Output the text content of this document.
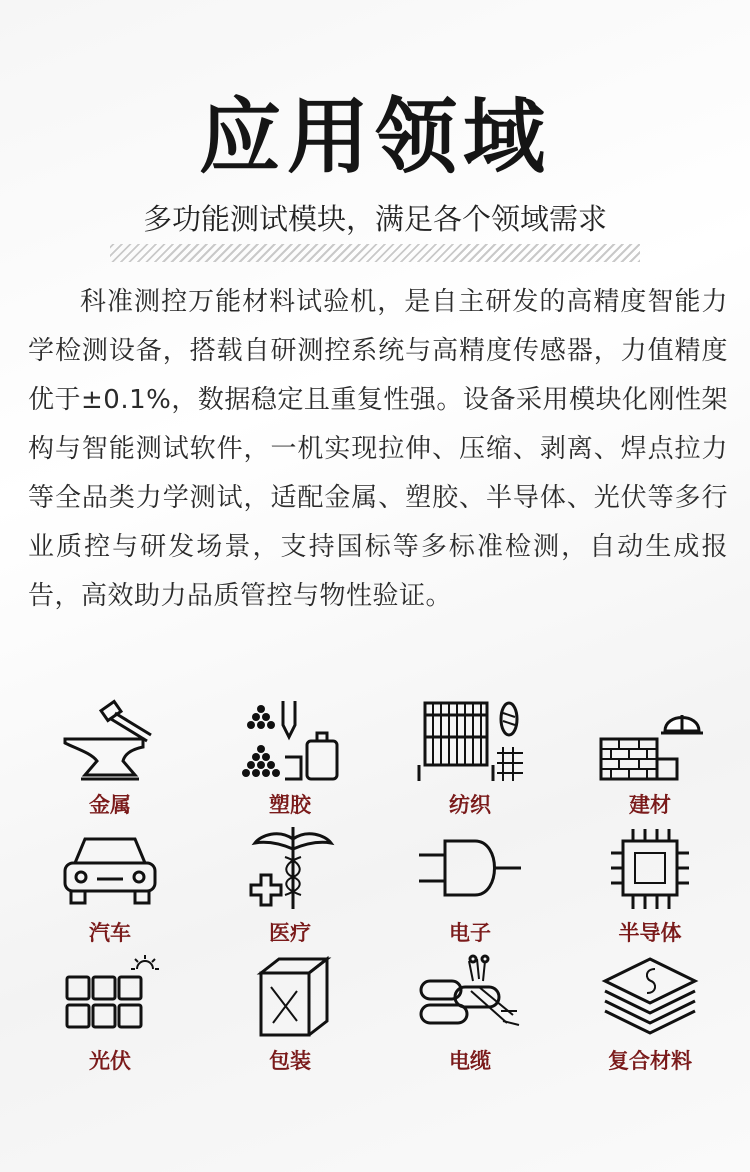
应用领域
多功能测试模块，满足各个领域需求
科准测控万能材料试验机，是自主研发的高精度智能力学检测设备，搭载自研测控系统与高精度传感器，力值精度优于±0.1%，数据稳定且重复性强。设备采用模块化刚性架构与智能测试软件，一机实现拉伸、压缩、剥离、焊点拉力等全品类力学测试，适配金属、塑胶、半导体、光伏等多行业质控与研发场景，支持国标等多标准检测，自动生成报告，高效助力品质管控与物性验证。
金属	塑胶	纺织	建材
汽车	医疗	电子	半导体
光伏	包装	电缆	复合材料
